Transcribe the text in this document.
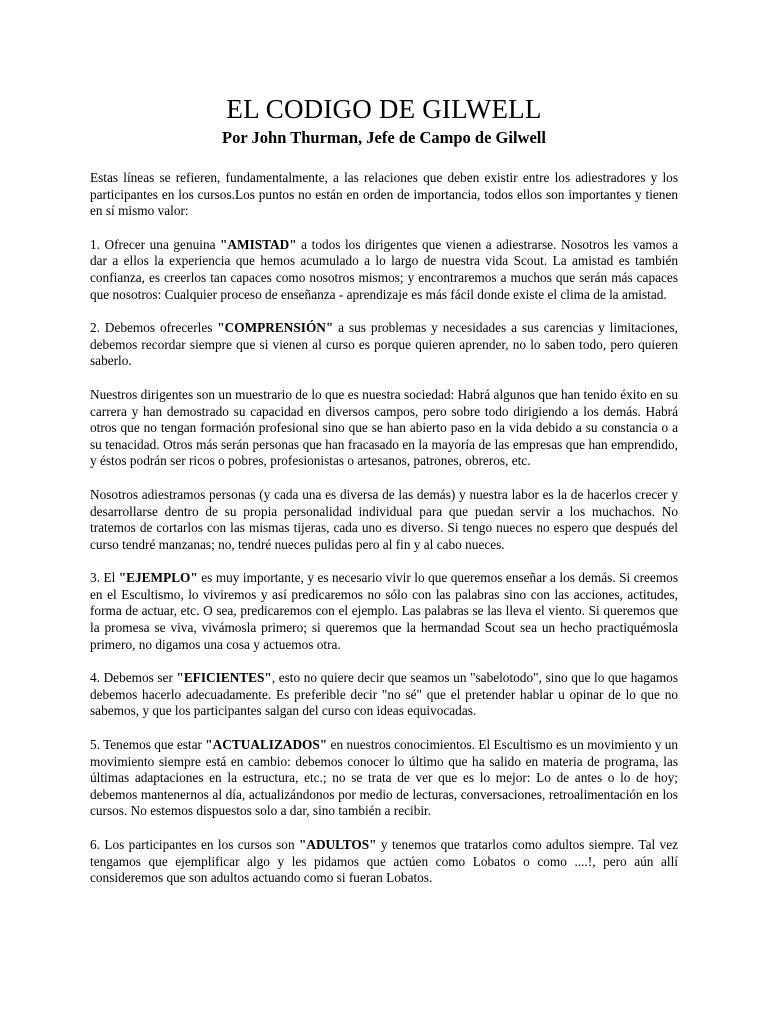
EL CODIGO DE GILWELL
Por John Thurman, Jefe de Campo de Gilwell

Estas líneas se refieren, fundamentalmente, a las relaciones que deben existir entre los adiestradores y los participantes en los cursos.Los puntos no están en orden de importancia, todos ellos son importantes y tienen en sí mismo valor:

1. Ofrecer una genuina "AMISTAD" a todos los dirigentes que vienen a adiestrarse. Nosotros les vamos a dar a ellos la experiencia que hemos acumulado a lo largo de nuestra vida Scout. La amistad es también confianza, es creerlos tan capaces como nosotros mismos; y encontraremos a muchos que serán más capaces que nosotros: Cualquier proceso de enseñanza - aprendizaje es más fácil donde existe el clima de la amistad.

2. Debemos ofrecerles "COMPRENSIÓN" a sus problemas y necesidades a sus carencias y limitaciones, debemos recordar siempre que si vienen al curso es porque quieren aprender, no lo saben todo, pero quieren saberlo.

Nuestros dirigentes son un muestrario de lo que es nuestra sociedad: Habrá algunos que han tenido éxito en su carrera y han demostrado su capacidad en diversos campos, pero sobre todo dirigiendo a los demás. Habrá otros que no tengan formación profesional sino que se han abierto paso en la vida debido a su constancia o a su tenacidad. Otros más serán personas que han fracasado en la mayoría de las empresas que han emprendido, y éstos podrán ser ricos o pobres, profesionistas o artesanos, patrones, obreros, etc.

Nosotros adiestramos personas (y cada una es diversa de las demás) y nuestra labor es la de hacerlos crecer y desarrollarse dentro de su propia personalidad individual para que puedan servir a los muchachos. No tratemos de cortarlos con las mismas tijeras, cada uno es diverso. Si tengo nueces no espero que después del curso tendré manzanas; no, tendré nueces pulidas pero al fin y al cabo nueces.

3. El "EJEMPLO" es muy importante, y es necesario vivir lo que queremos enseñar a los demás. Si creemos en el Escultismo, lo viviremos y así predicaremos no sólo con las palabras sino con las acciones, actitudes, forma de actuar, etc. O sea, predicaremos con el ejemplo. Las palabras se las lleva el viento. Si queremos que la promesa se viva, vivámosla primero; si queremos que la hermandad Scout sea un hecho practiquémosla primero, no digamos una cosa y actuemos otra.

4. Debemos ser "EFICIENTES", esto no quiere decir que seamos un "sabelotodo", sino que lo que hagamos debemos hacerlo adecuadamente. Es preferible decir "no sé" que el pretender hablar u opinar de lo que no sabemos, y que los participantes salgan del curso con ideas equivocadas.

5. Tenemos que estar "ACTUALIZADOS" en nuestros conocimientos. El Escultismo es un movimiento y un movimiento siempre está en cambio: debemos conocer lo último que ha salido en materia de programa, las últimas adaptaciones en la estructura, etc.; no se trata de ver que es lo mejor: Lo de antes o lo de hoy; debemos mantenernos al día, actualizándonos por medio de lecturas, conversaciones, retroalimentación en los cursos. No estemos dispuestos solo a dar, sino también a recibir.

6. Los participantes en los cursos son "ADULTOS" y tenemos que tratarlos como adultos siempre. Tal vez tengamos que ejemplificar algo y les pidamos que actúen como Lobatos o como ....!, pero aún allí consideremos que son adultos actuando como si fueran Lobatos.
